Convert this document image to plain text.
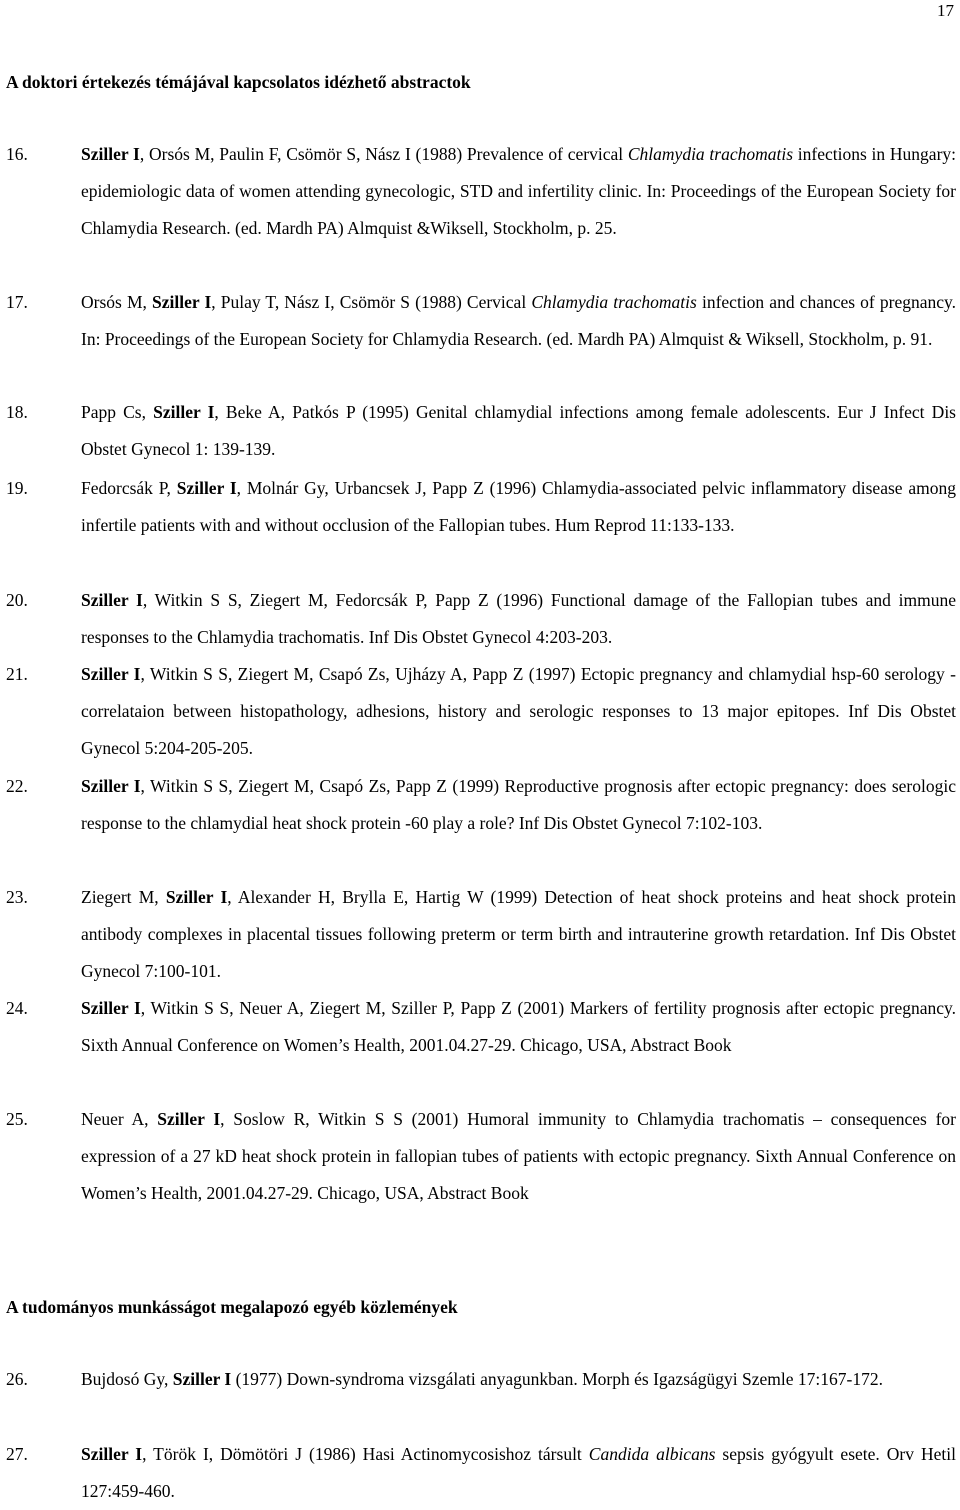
17
A doktori értekezés témájával kapcsolatos idézhető abstractok
16.	Sziller I, Orsós M, Paulin F, Csömör S, Nász I (1988) Prevalence of cervical Chlamydia trachomatis infections in Hungary: epidemiologic data of women attending gynecologic, STD and infertility clinic. In: Proceedings of the European Society for Chlamydia Research. (ed. Mardh PA) Almquist &Wiksell, Stockholm, p. 25.
17.	Orsós M, Sziller I, Pulay T, Nász I, Csömör S (1988) Cervical Chlamydia trachomatis infection and chances of pregnancy. In: Proceedings of the European Society for Chlamydia Research. (ed. Mardh PA) Almquist & Wiksell, Stockholm, p. 91.
18.	Papp Cs, Sziller I, Beke A, Patkós P (1995) Genital chlamydial infections among female adolescents. Eur J Infect Dis Obstet Gynecol 1: 139-139.
19.	Fedorcsák P, Sziller I, Molnár Gy, Urbancsek J, Papp Z (1996) Chlamydia-associated pelvic inflammatory disease among infertile patients with and without occlusion of the Fallopian tubes. Hum Reprod 11:133-133.
20.	Sziller I, Witkin S S, Ziegert M, Fedorcsák P, Papp Z (1996) Functional damage of the Fallopian tubes and immune responses to the Chlamydia trachomatis. Inf Dis Obstet Gynecol 4:203-203.
21.	Sziller I, Witkin S S, Ziegert M, Csapó Zs, Ujházy A, Papp Z (1997) Ectopic pregnancy and chlamydial hsp-60 serology - correlataion between histopathology, adhesions, history and serologic responses to 13 major epitopes. Inf Dis Obstet Gynecol 5:204-205-205.
22.	Sziller I, Witkin S S, Ziegert M, Csapó Zs, Papp Z (1999) Reproductive prognosis after ectopic pregnancy: does serologic response to the chlamydial heat shock protein -60 play a role? Inf Dis Obstet Gynecol 7:102-103.
23.	Ziegert M, Sziller I, Alexander H, Brylla E, Hartig W (1999) Detection of heat shock proteins and heat shock protein antibody complexes in placental tissues following preterm or term birth and intrauterine growth retardation. Inf Dis Obstet Gynecol 7:100-101.
24.	Sziller I, Witkin S S, Neuer A, Ziegert M, Sziller P, Papp Z (2001) Markers of fertility prognosis after ectopic pregnancy. Sixth Annual Conference on Women’s Health, 2001.04.27-29. Chicago, USA, Abstract Book
25.	Neuer A, Sziller I, Soslow R, Witkin S S (2001) Humoral immunity to Chlamydia trachomatis – consequences for expression of a 27 kD heat shock protein in fallopian tubes of patients with ectopic pregnancy. Sixth Annual Conference on Women’s Health, 2001.04.27-29. Chicago, USA, Abstract Book
26.	Bujdosó Gy, Sziller I (1977) Down-syndroma vizsgálati anyagunkban. Morph és Igazságügyi Szemle 17:167-172.
27.	Sziller I, Török I, Dömötöri J (1986) Hasi Actinomycosishoz társult Candida albicans sepsis gyógyult esete. Orv Hetil 127:459-460.
A tudományos munkásságot megalapozó egyéb közlemények
